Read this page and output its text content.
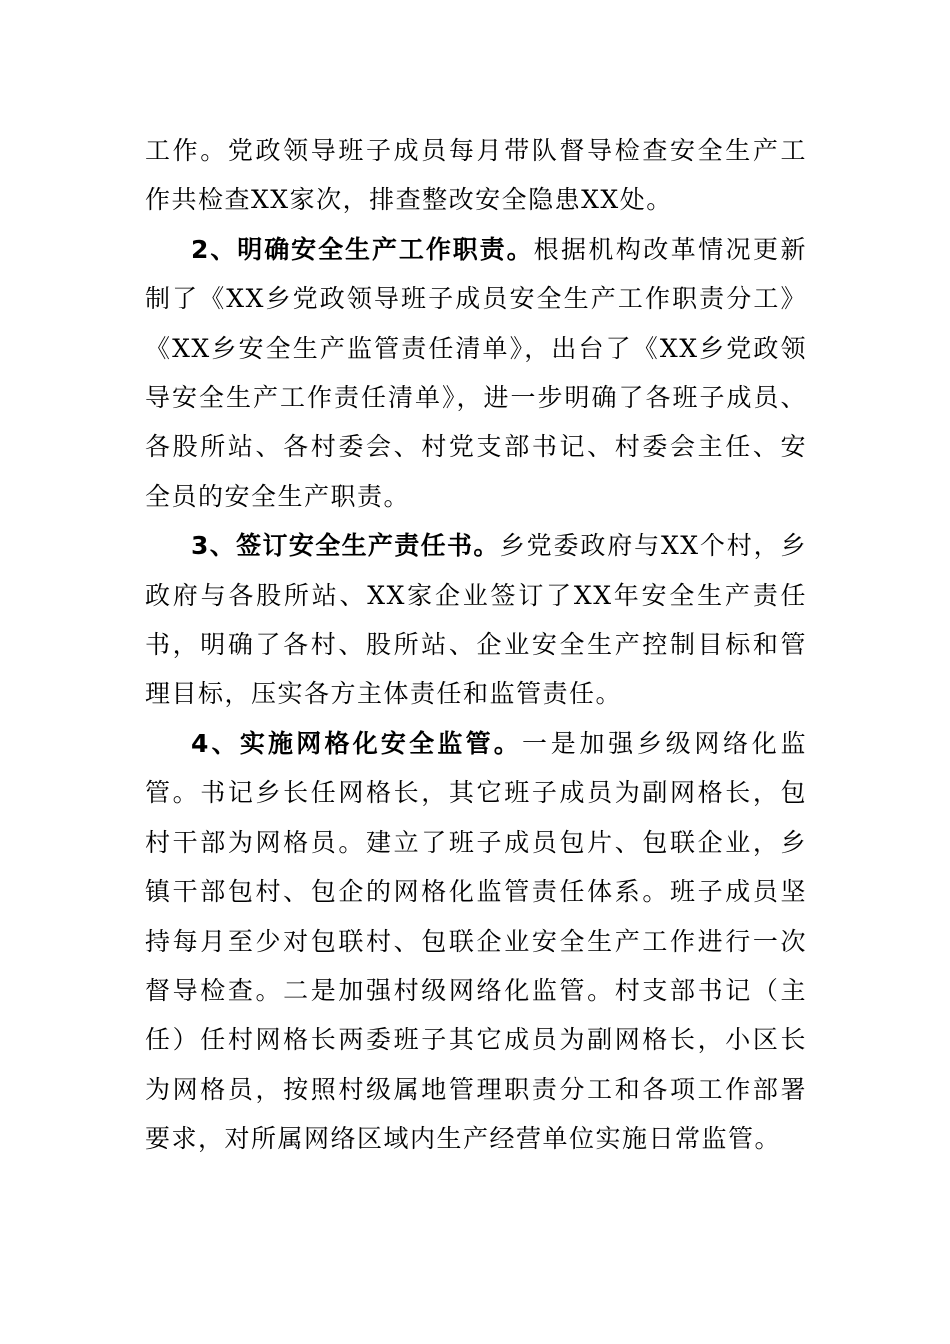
工作。党政领导班子成员每月带队督导检查安全生产工作共检查XX家次，排查整改安全隐患XX处。

2、明确安全生产工作职责。根据机构改革情况更新制了《XX乡党政领导班子成员安全生产工作职责分工》《XX乡安全生产监管责任清单》，出台了《XX乡党政领导安全生产工作责任清单》，进一步明确了各班子成员、各股所站、各村委会、村党支部书记、村委会主任、安全员的安全生产职责。

3、签订安全生产责任书。乡党委政府与XX个村，乡政府与各股所站、XX家企业签订了XX年安全生产责任书，明确了各村、股所站、企业安全生产控制目标和管理目标，压实各方主体责任和监管责任。

4、实施网格化安全监管。一是加强乡级网络化监管。书记乡长任网格长，其它班子成员为副网格长，包村干部为网格员。建立了班子成员包片、包联企业，乡镇干部包村、包企的网格化监管责任体系。班子成员坚持每月至少对包联村、包联企业安全生产工作进行一次督导检查。二是加强村级网络化监管。村支部书记（主任）任村网格长两委班子其它成员为副网格长，小区长为网格员，按照村级属地管理职责分工和各项工作部署要求，对所属网络区域内生产经营单位实施日常监管。
